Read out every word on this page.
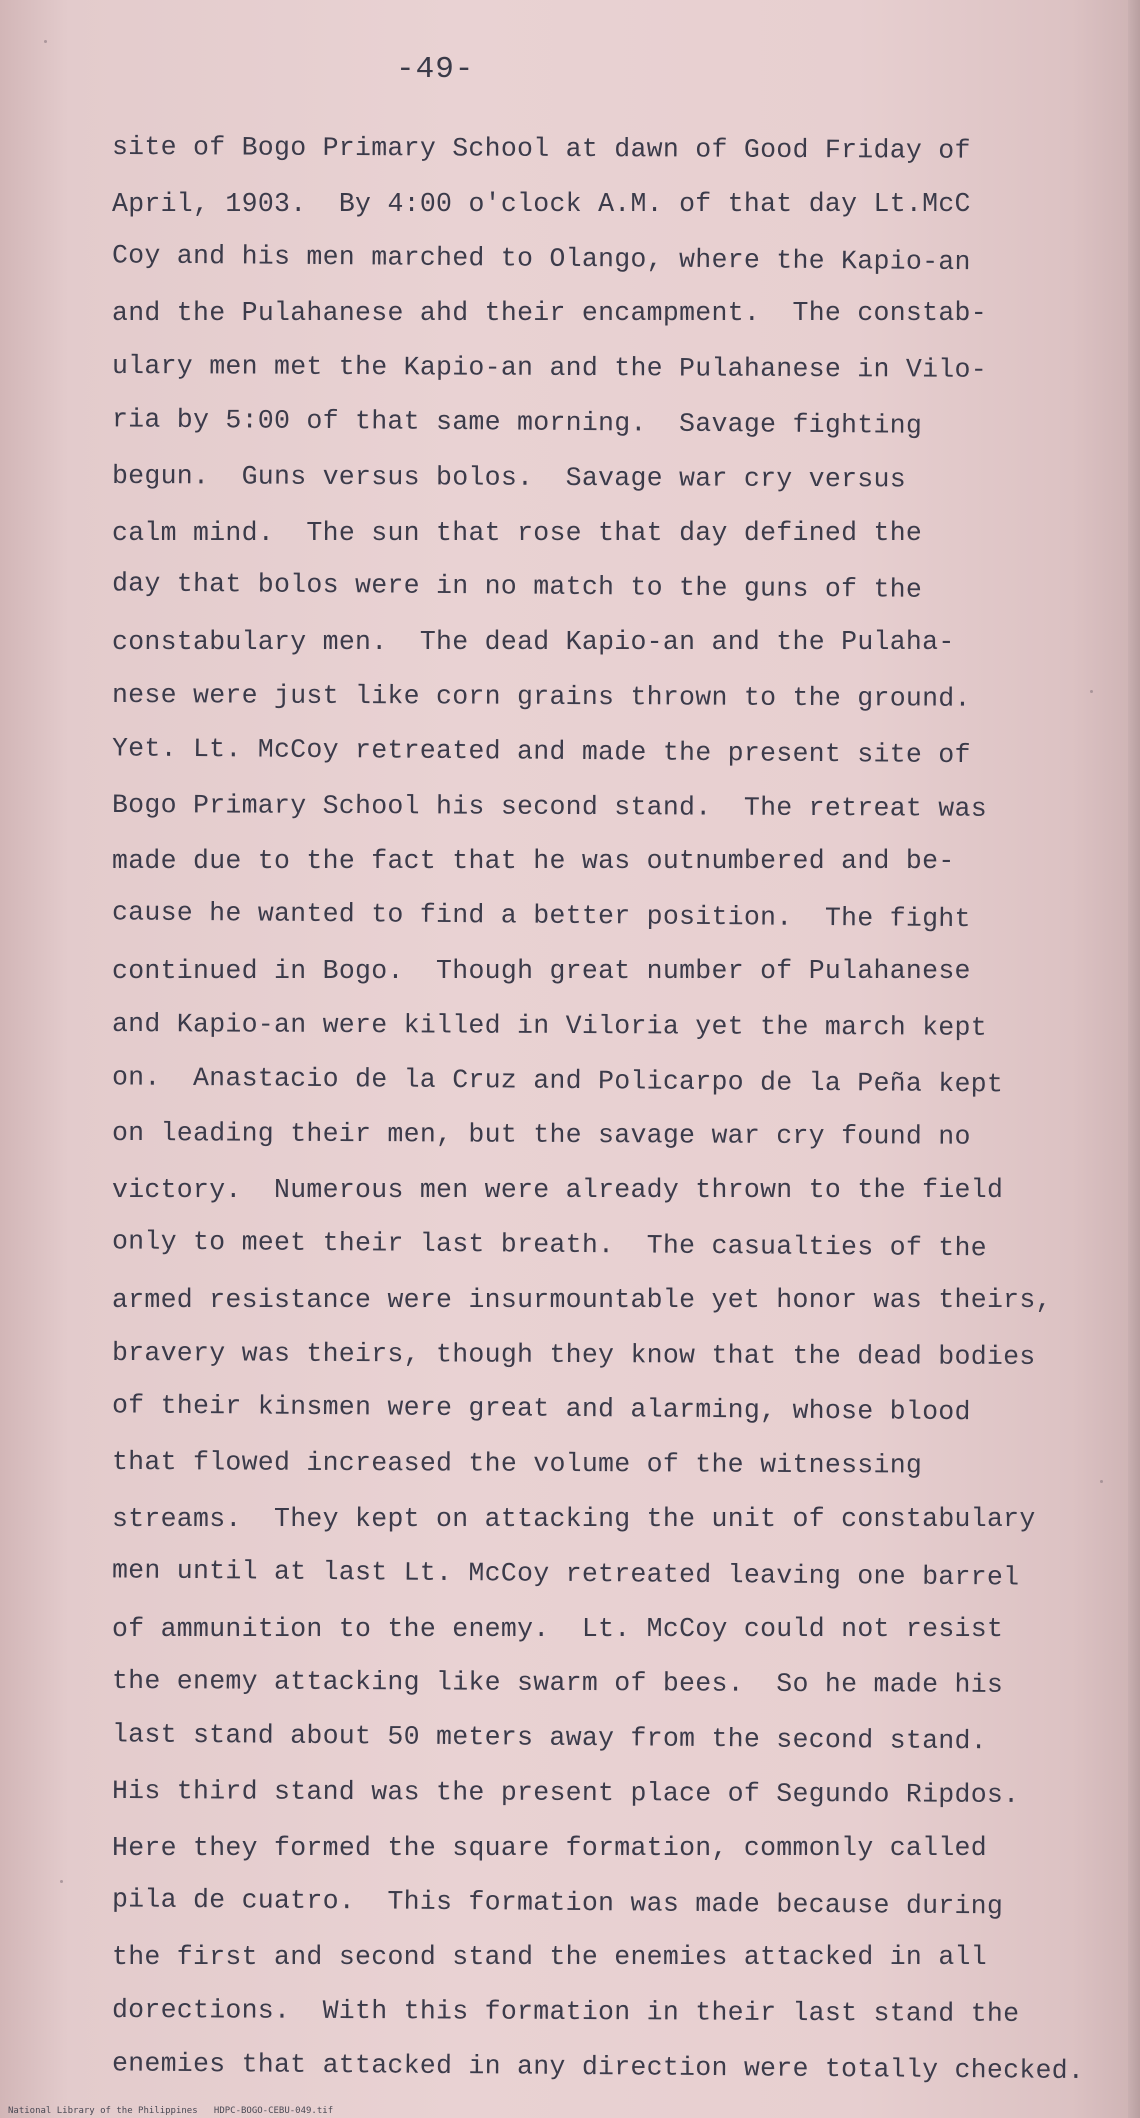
-49-
site of Bogo Primary School at dawn of Good Friday of
April, 1903.  By 4:00 o'clock A.M. of that day Lt.McC
Coy and his men marched to Olango, where the Kapio-an
and the Pulahanese ahd their encampment.  The constab-
ulary men met the Kapio-an and the Pulahanese in Vilo-
ria by 5:00 of that same morning.  Savage fighting
begun.  Guns versus bolos.  Savage war cry versus
calm mind.  The sun that rose that day defined the
day that bolos were in no match to the guns of the
constabulary men.  The dead Kapio-an and the Pulaha-
nese were just like corn grains thrown to the ground.
Yet. Lt. McCoy retreated and made the present site of
Bogo Primary School his second stand.  The retreat was
made due to the fact that he was outnumbered and be-
cause he wanted to find a better position.  The fight
continued in Bogo.  Though great number of Pulahanese
and Kapio-an were killed in Viloria yet the march kept
on.  Anastacio de la Cruz and Policarpo de la Peña kept
on leading their men, but the savage war cry found no
victory.  Numerous men were already thrown to the field
only to meet their last breath.  The casualties of the
armed resistance were insurmountable yet honor was theirs,
bravery was theirs, though they know that the dead bodies
of their kinsmen were great and alarming, whose blood
that flowed increased the volume of the witnessing
streams.  They kept on attacking the unit of constabulary
men until at last Lt. McCoy retreated leaving one barrel
of ammunition to the enemy.  Lt. McCoy could not resist
the enemy attacking like swarm of bees.  So he made his
last stand about 50 meters away from the second stand.
His third stand was the present place of Segundo Ripdos.
Here they formed the square formation, commonly called
pila de cuatro.  This formation was made because during
the first and second stand the enemies attacked in all
dorections.  With this formation in their last stand the
enemies that attacked in any direction were totally checked.
National Library of the Philippines   HDPC-BOGO-CEBU-049.tif
